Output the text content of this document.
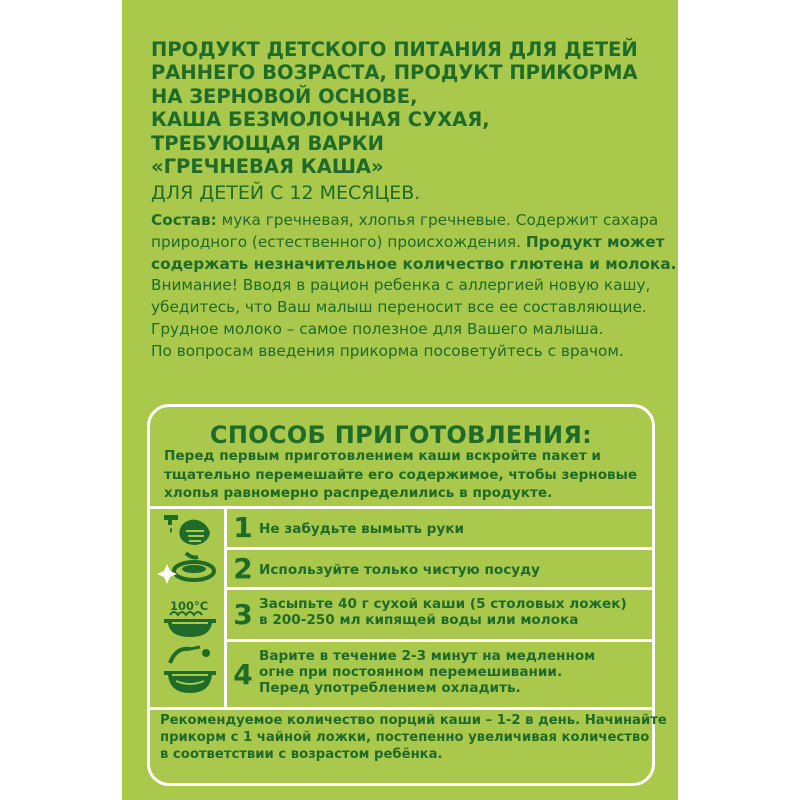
ПРОДУКТ ДЕТСКОГО ПИТАНИЯ ДЛЯ ДЕТЕЙ
РАННЕГО ВОЗРАСТА, ПРОДУКТ ПРИКОРМА
НА ЗЕРНОВОЙ ОСНОВЕ,
КАША БЕЗМОЛОЧНАЯ СУХАЯ,
ТРЕБУЮЩАЯ ВАРКИ
«ГРЕЧНЕВАЯ КАША»
ДЛЯ ДЕТЕЙ С 12 МЕСЯЦЕВ.
Состав: мука гречневая, хлопья гречневые. Содержит сахара
природного (естественного) происхождения. Продукт может
содержать незначительное количество глютена и молока.
Внимание! Вводя в рацион ребенка с аллергией новую кашу,
убедитесь, что Ваш малыш переносит все ее составляющие.
Грудное молоко – самое полезное для Вашего малыша.
По вопросам введения прикорма посоветуйтесь с врачом.
СПОСОБ ПРИГОТОВЛЕНИЯ:
Перед первым приготовлением каши вскройте пакет и
тщательно перемешайте его содержимое, чтобы зерновые
хлопья равномерно распределились в продукте.
100°С
1 Не забудьте вымыть руки
2 Используйте только чистую посуду
3 Засыпьте 40 г сухой каши (5 столовых ложек)
в 200-250 мл кипящей воды или молока
4
Варите в течение 2-3 минут на медленном
огне при постоянном перемешивании.
Перед употреблением охладить.
Рекомендуемое количество порций каши – 1-2 в день. Начинайте
прикорм с 1 чайной ложки, постепенно увеличивая количество
в соответствии с возрастом ребёнка.
